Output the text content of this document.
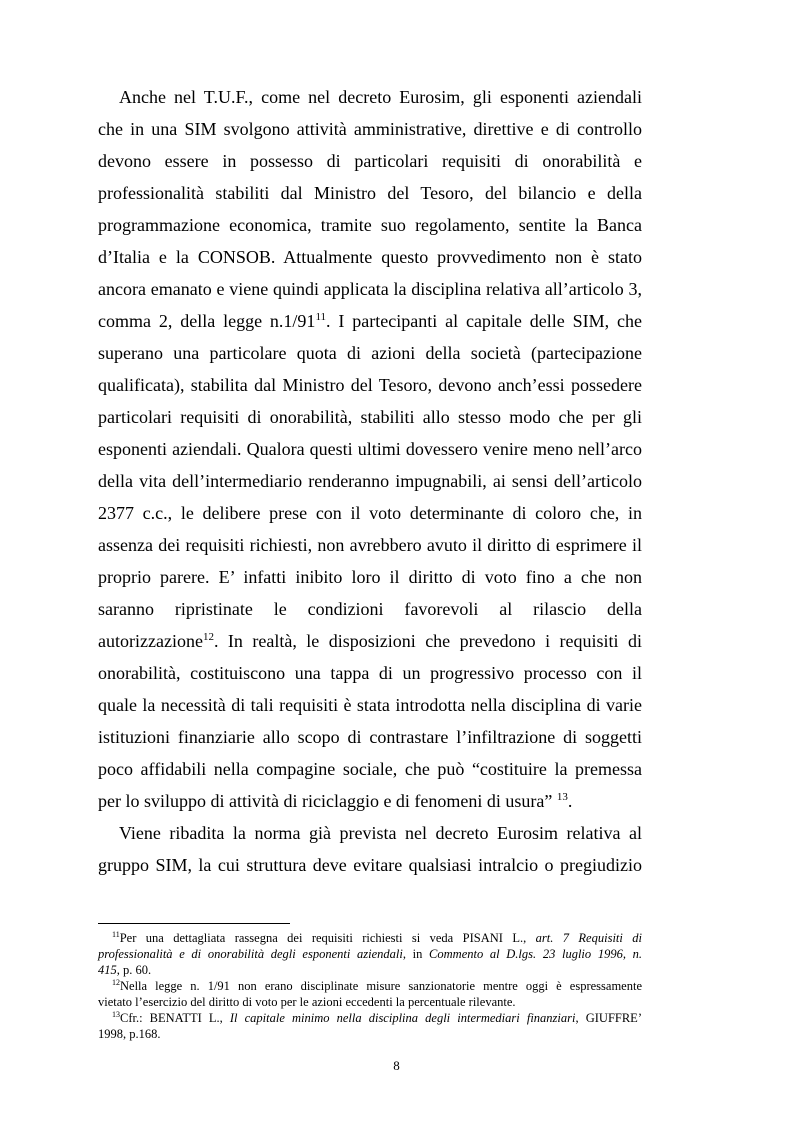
Anche nel T.U.F., come nel decreto Eurosim, gli esponenti aziendali

che in una SIM svolgono attività amministrative, direttive e di controllo

devono essere in possesso di particolari requisiti di onorabilità e

professionalità stabiliti dal Ministro del Tesoro, del bilancio e della

programmazione economica, tramite suo regolamento, sentite la Banca

d’Italia e la CONSOB. Attualmente questo provvedimento non è stato

ancora emanato e viene quindi applicata la disciplina relativa all’articolo 3,

comma 2, della legge $n.1/91^{11}$. I partecipanti al capitale delle SIM, che

superano una particolare quota di azioni della società (partecipazione

qualificata), stabilita dal Ministro del Tesoro, devono anch’essi possedere

particolari requisiti di onorabilità, stabiliti allo stesso modo che per gli

esponenti aziendali. Qualora questi ultimi dovessero venire meno nell’arco

della vita dell’intermediario renderanno impugnabili, ai sensi dell’articolo

2377 c.c., le delibere prese con il voto determinante di coloro che, in

assenza dei requisiti richiesti, non avrebbero avuto il diritto di esprimere il

proprio parere. E’ infatti inibito loro il diritto di voto fino a che non

saranno ripristinate le condizioni favorevoli al rilascio della

autorizzazione$^{12}$. In realtà, le disposizioni che prevedono i requisiti di

onorabilità, costituiscono una tappa di un progressivo processo con il

quale la necessità di tali requisiti è stata introdotta nella disciplina di varie

istituzioni finanziarie allo scopo di contrastare l’infiltrazione di soggetti

poco affidabili nella compagine sociale, che può “costituire la premessa

per lo sviluppo di attività di riciclaggio e di fenomeni di usura” $^{13}$.

Viene ribadita la norma già prevista nel decreto Eurosim relativa al

gruppo SIM, la cui struttura deve evitare qualsiasi intralcio o pregiudizio

$^{11}$Per una dettagliata rassegna dei requisiti richiesti si veda PISANI L., art. 7 Requisiti di

professionalità e di onorabilità degli esponenti aziendali, in Commento al D.lgs. 23 luglio 1996, n.

415, p. 60.

$^{12}$Nella legge n. 1/91 non erano disciplinate misure sanzionatorie mentre oggi è espressamente

vietato l’esercizio del diritto di voto per le azioni eccedenti la percentuale rilevante.

$^{13}$Cfr.: BENATTI L., Il capitale minimo nella disciplina degli intermediari finanziari, GIUFFRE’

1998, p.168.

8
